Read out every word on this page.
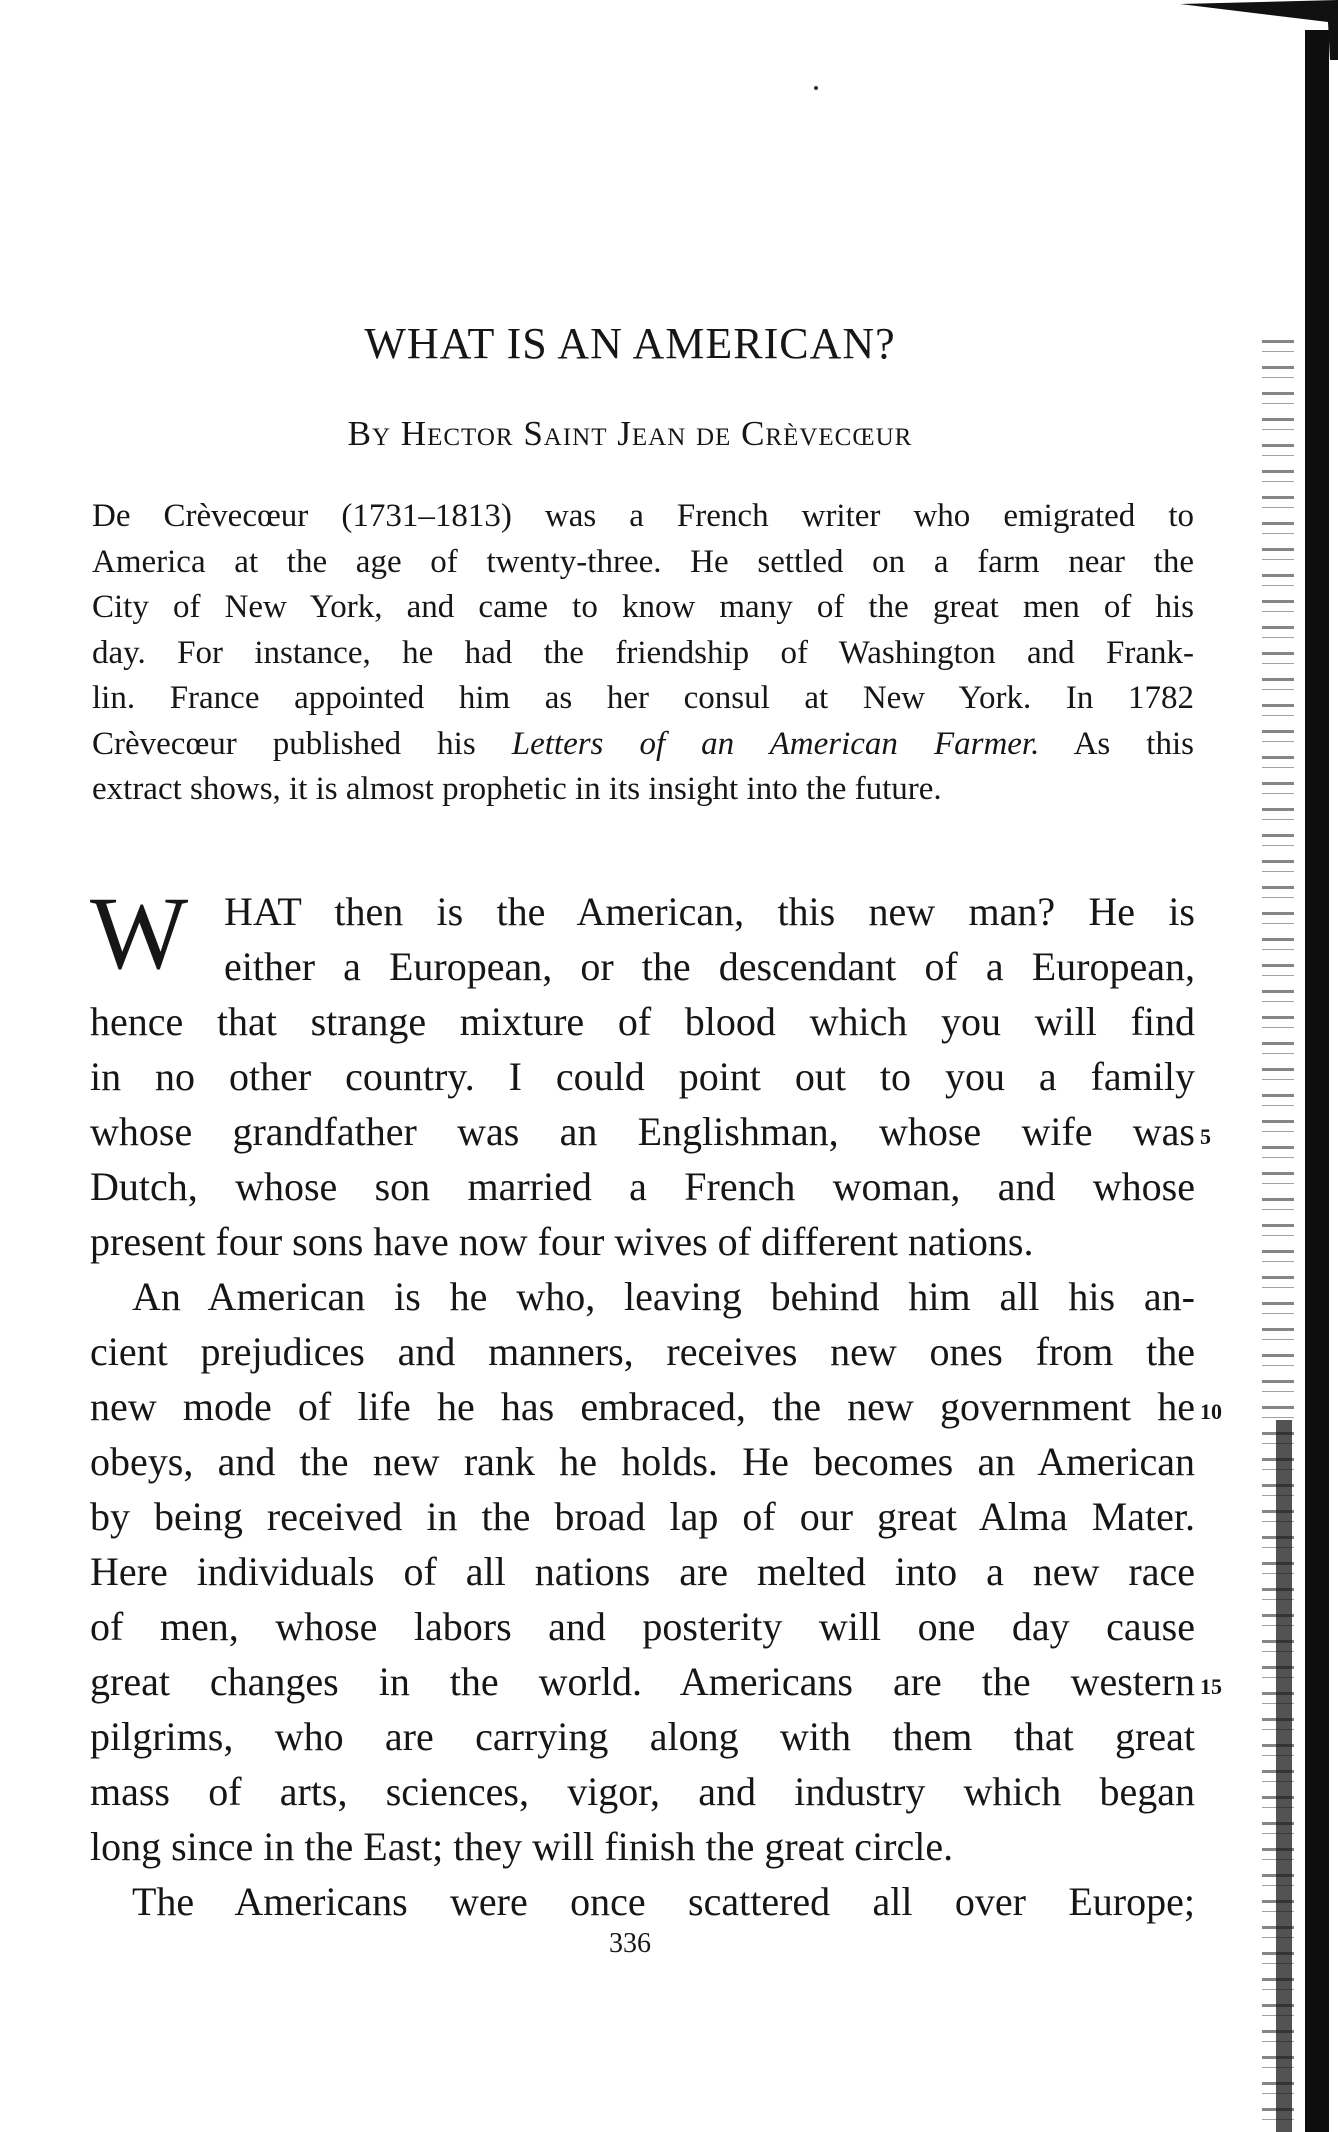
WHAT IS AN AMERICAN?
By Hector Saint Jean de Crèvecœur
De Crèvecœur (1731–1813) was a French writer who emigrated to
America at the age of twenty-three. He settled on a farm near the
City of New York, and came to know many of the great men of his
day. For instance, he had the friendship of Washington and Frank-
lin. France appointed him as her consul at New York. In 1782
Crèvecœur published his Letters of an American Farmer. As this
extract shows, it is almost prophetic in its insight into the future.
W HAT then is the American, this new man? He is
either a European, or the descendant of a European,
hence that strange mixture of blood which you will find
in no other country. I could point out to you a family
whose grandfather was an Englishman, whose wife was
Dutch, whose son married a French woman, and whose
present four sons have now four wives of different nations.
An American is he who, leaving behind him all his an-
cient prejudices and manners, receives new ones from the
new mode of life he has embraced, the new government he
obeys, and the new rank he holds. He becomes an American
by being received in the broad lap of our great Alma Mater.
Here individuals of all nations are melted into a new race
of men, whose labors and posterity will one day cause
great changes in the world. Americans are the western
pilgrims, who are carrying along with them that great
mass of arts, sciences, vigor, and industry which began
long since in the East; they will finish the great circle.
The Americans were once scattered all over Europe;
5
10
15
336
